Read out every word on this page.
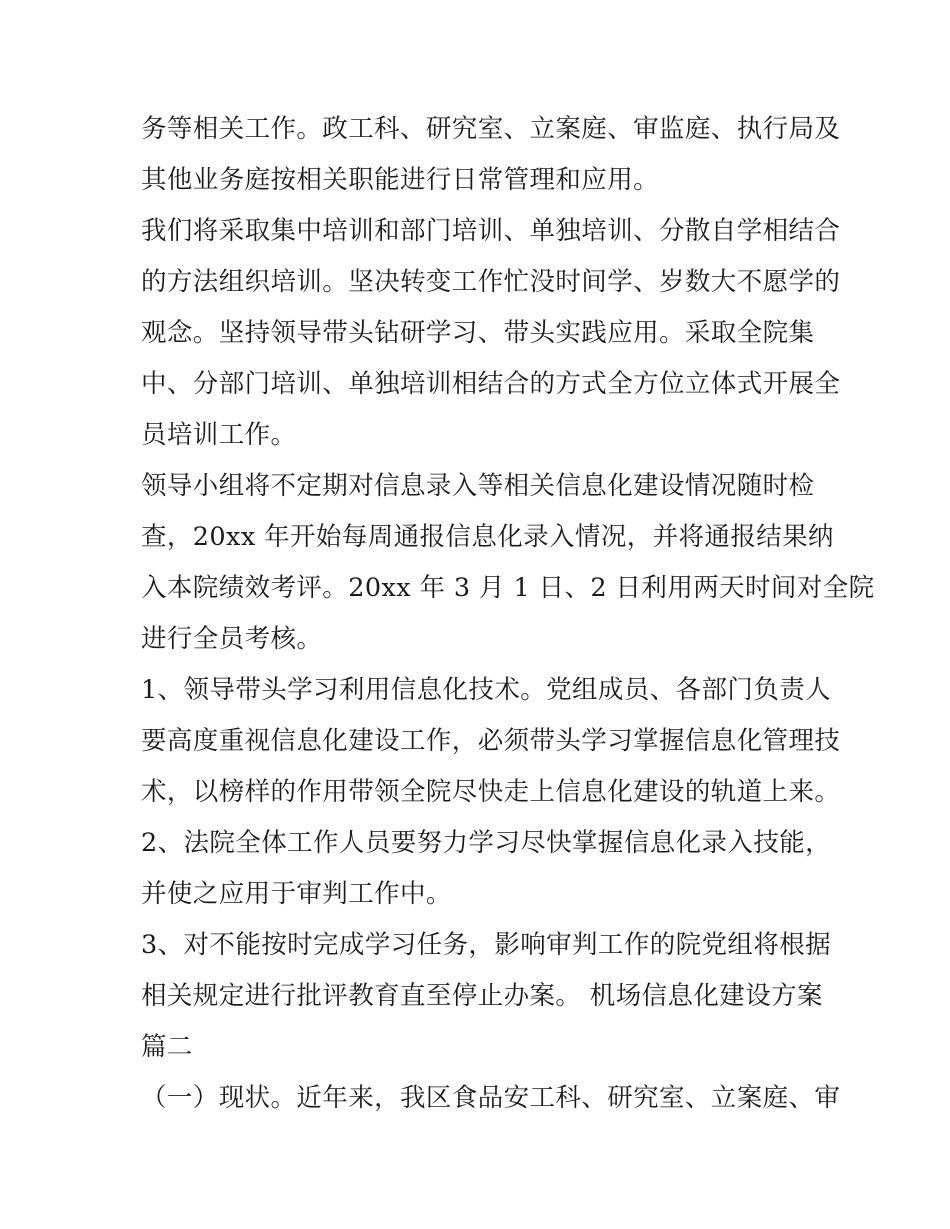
务等相关工作。政工科、研究室、立案庭、审监庭、执行局及
其他业务庭按相关职能进行日常管理和应用。
我们将采取集中培训和部门培训、单独培训、分散自学相结合
的方法组织培训。坚决转变工作忙没时间学、岁数大不愿学的
观念。坚持领导带头钻研学习、带头实践应用。采取全院集
中、分部门培训、单独培训相结合的方式全方位立体式开展全
员培训工作。
领导小组将不定期对信息录入等相关信息化建设情况随时检
查，20xx 年开始每周通报信息化录入情况，并将通报结果纳
入本院绩效考评。20xx 年 3 月 1 日、2 日利用两天时间对全院
进行全员考核。
1、领导带头学习利用信息化技术。党组成员、各部门负责人
要高度重视信息化建设工作，必须带头学习掌握信息化管理技
术，以榜样的作用带领全院尽快走上信息化建设的轨道上来。
2、法院全体工作人员要努力学习尽快掌握信息化录入技能，
并使之应用于审判工作中。
3、对不能按时完成学习任务，影响审判工作的院党组将根据
相关规定进行批评教育直至停止办案。 机场信息化建设方案
篇二
（一）现状。近年来，我区食品安工科、研究室、立案庭、审
